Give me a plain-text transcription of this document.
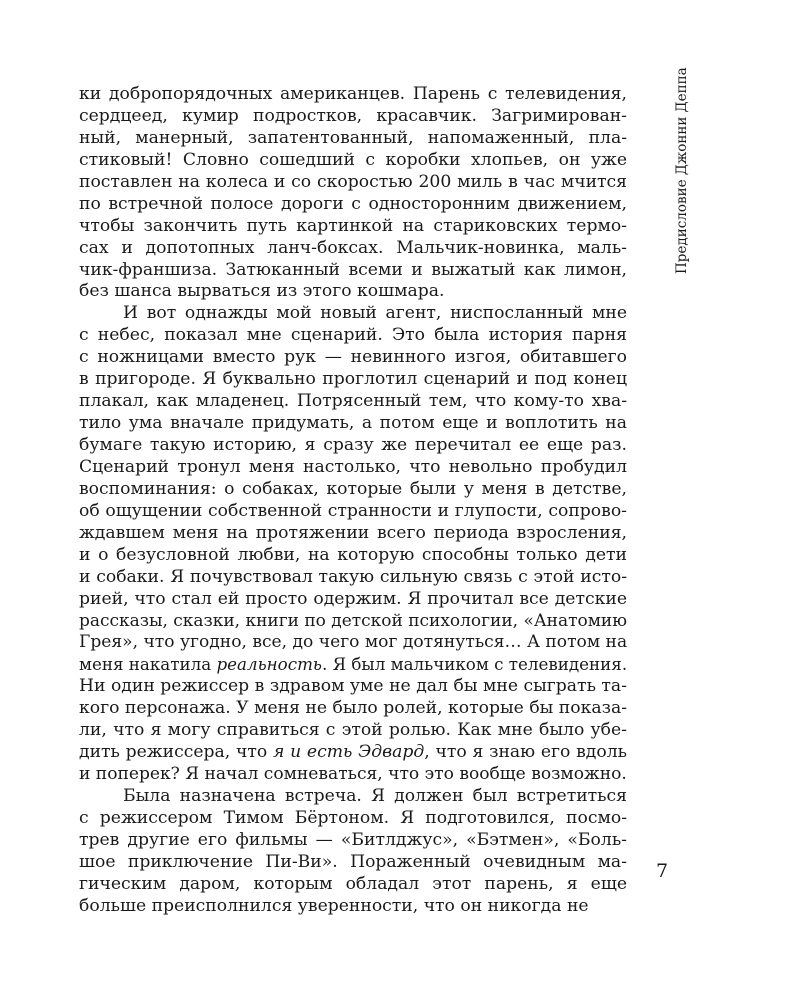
Предисловие Джонни Деппа
ки добропорядочных американцев. Парень с телевидения,
сердцеед, кумир подростков, красавчик. Загримирован-
ный, манерный, запатентованный, напомаженный, пла-
стиковый! Словно сошедший с коробки хлопьев, он уже
поставлен на колеса и со скоростью 200 миль в час мчится
по встречной полосе дороги с односторонним движением,
чтобы закончить путь картинкой на стариковских термо-
сах и допотопных ланч-боксах. Мальчик-новинка, маль-
чик-франшиза. Затюканный всеми и выжатый как лимон,
без шанса вырваться из этого кошмара.
И вот однажды мой новый агент, ниспосланный мне
с небес, показал мне сценарий. Это была история парня
с ножницами вместо рук — невинного изгоя, обитавшего
в пригороде. Я буквально проглотил сценарий и под конец
плакал, как младенец. Потрясенный тем, что кому-то хва-
тило ума вначале придумать, а потом еще и воплотить на
бумаге такую историю, я сразу же перечитал ее еще раз.
Сценарий тронул меня настолько, что невольно пробудил
воспоминания: о собаках, которые были у меня в детстве,
об ощущении собственной странности и глупости, сопрово-
ждавшем меня на протяжении всего периода взросления,
и о безусловной любви, на которую способны только дети
и собаки. Я почувствовал такую сильную связь с этой исто-
рией, что стал ей просто одержим. Я прочитал все детские
рассказы, сказки, книги по детской психологии, «Анатомию
Грея», что угодно, все, до чего мог дотянуться… А потом на
меня накатила реальность. Я был мальчиком с телевидения.
Ни один режиссер в здравом уме не дал бы мне сыграть та-
кого персонажа. У меня не было ролей, которые бы показа-
ли, что я могу справиться с этой ролью. Как мне было убе-
дить режиссера, что я и есть Эдвард, что я знаю его вдоль
и поперек? Я начал сомневаться, что это вообще возможно.
Была назначена встреча. Я должен был встретиться
с режиссером Тимом Бёртоном. Я подготовился, посмо-
трев другие его фильмы — «Битлджус», «Бэтмен», «Боль-
шое приключение Пи-Ви». Пораженный очевидным ма-
гическим даром, которым обладал этот парень, я еще
больше преисполнился уверенности, что он никогда не
7
